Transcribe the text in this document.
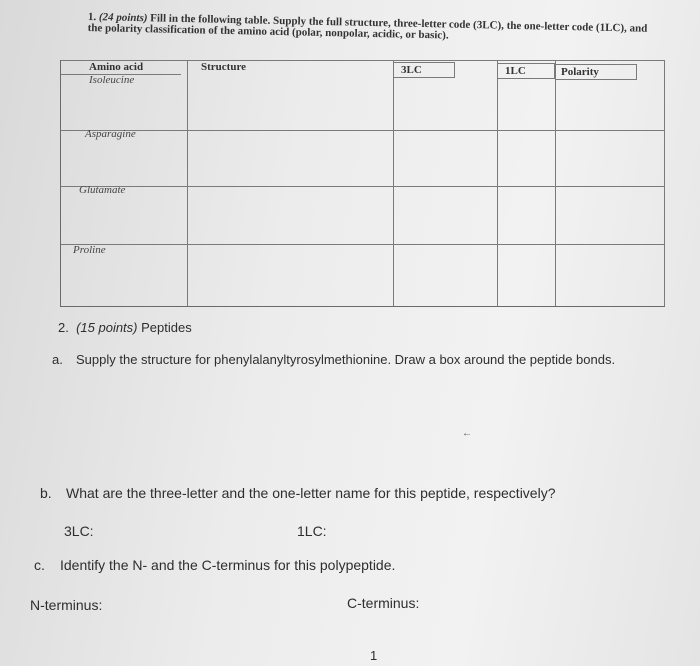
1. (24 points) Fill in the following table. Supply the full structure, three-letter code (3LC), the one-letter code (1LC), and the polarity classification of the amino acid (polar, nonpolar, acidic, or basic).
Amino acid	Structure	3LC	1LC	Polarity
Isoleucine
Asparagine
Glutamate
Proline
2. (15 points) Peptides
a. Supply the structure for phenylalanyltyrosylmethionine. Draw a box around the peptide bonds.
←
b. What are the three-letter and the one-letter name for this peptide, respectively?
3LC:	1LC:
c. Identify the N- and the C-terminus for this polypeptide.
N-terminus:	C-terminus:
1
